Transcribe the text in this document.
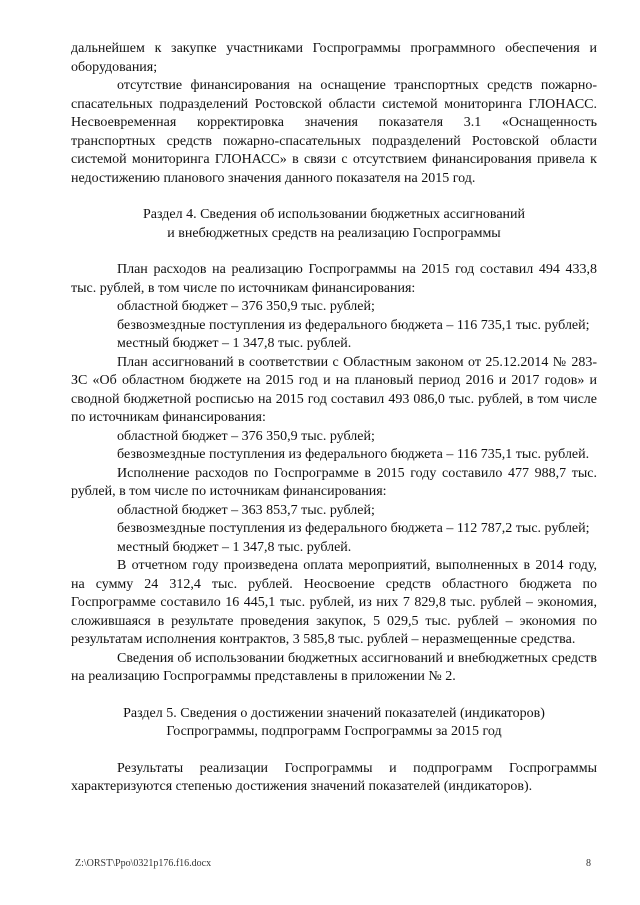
дальнейшем к закупке участниками Госпрограммы программного обеспечения и оборудования;

отсутствие финансирования на оснащение транспортных средств пожарно-спасательных подразделений Ростовской области системой мониторинга ГЛОНАСС. Несвоевременная корректировка значения показателя 3.1 «Оснащенность транспортных средств пожарно-спасательных подразделений Ростовской области системой мониторинга ГЛОНАСС» в связи с отсутствием финансирования привела к недостижению планового значения данного показателя на 2015 год.

Раздел 4. Сведения об использовании бюджетных ассигнований

и внебюджетных средств на реализацию Госпрограммы

План расходов на реализацию Госпрограммы на 2015 год составил 494 433,8 тыс. рублей, в том числе по источникам финансирования:

областной бюджет – 376 350,9 тыс. рублей;

безвозмездные поступления из федерального бюджета – 116 735,1 тыс. рублей;

местный бюджет – 1 347,8 тыс. рублей.

План ассигнований в соответствии с Областным законом от 25.12.2014 № 283-ЗС «Об областном бюджете на 2015 год и на плановый период 2016 и 2017 годов» и сводной бюджетной росписью на 2015 год составил 493 086,0 тыс. рублей, в том числе по источникам финансирования:

областной бюджет – 376 350,9 тыс. рублей;

безвозмездные поступления из федерального бюджета – 116 735,1 тыс. рублей.

Исполнение расходов по Госпрограмме в 2015 году составило 477 988,7 тыс. рублей, в том числе по источникам финансирования:

областной бюджет – 363 853,7 тыс. рублей;

безвозмездные поступления из федерального бюджета – 112 787,2 тыс. рублей;

местный бюджет – 1 347,8 тыс. рублей.

В отчетном году произведена оплата мероприятий, выполненных в 2014 году, на сумму 24 312,4 тыс. рублей. Неосвоение средств областного бюджета по Госпрограмме составило 16 445,1 тыс. рублей, из них 7 829,8 тыс. рублей – экономия, сложившаяся в результате проведения закупок, 5 029,5 тыс. рублей – экономия по результатам исполнения контрактов, 3 585,8 тыс. рублей – неразмещенные средства.

Сведения об использовании бюджетных ассигнований и внебюджетных средств на реализацию Госпрограммы представлены в приложении № 2.

Раздел 5. Сведения о достижении значений показателей (индикаторов)

Госпрограммы, подпрограмм Госпрограммы за 2015 год

Результаты реализации Госпрограммы и подпрограмм Госпрограммы характеризуются степенью достижения значений показателей (индикаторов).

Z:\ORST\Ppo\0321p176.f16.docx	8
